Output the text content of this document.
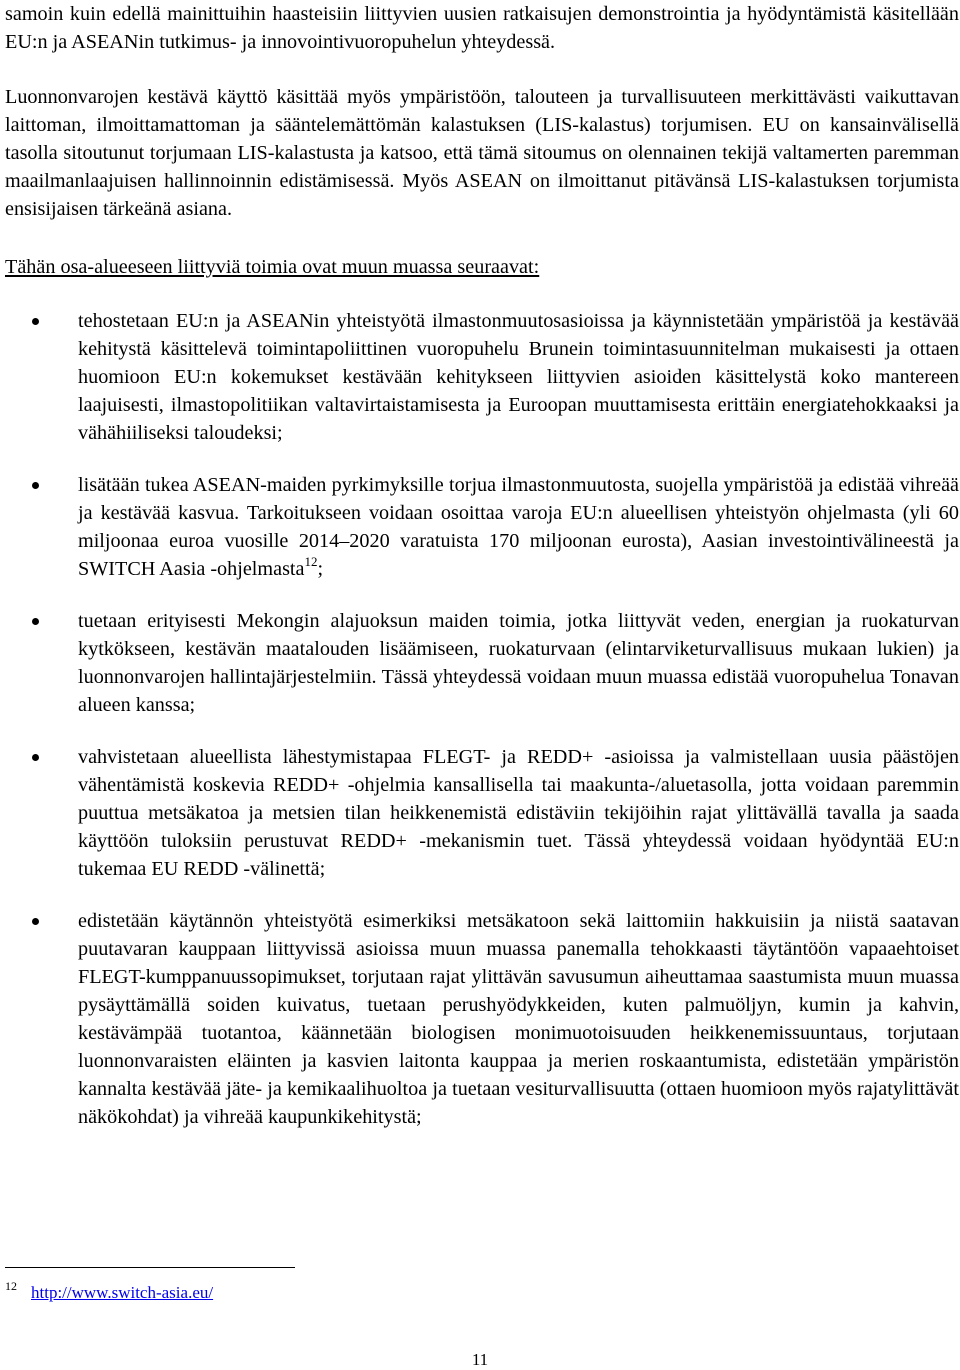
samoin kuin edellä mainittuihin haasteisiin liittyvien uusien ratkaisujen demonstrointia ja hyödyntämistä käsitellään EU:n ja ASEANin tutkimus- ja innovointivuoropuhelun yhteydessä.

Luonnonvarojen kestävä käyttö käsittää myös ympäristöön, talouteen ja turvallisuuteen merkittävästi vaikuttavan laittoman, ilmoittamattoman ja sääntelemättömän kalastuksen (LIS-kalastus) torjumisen. EU on kansainvälisellä tasolla sitoutunut torjumaan LIS-kalastusta ja katsoo, että tämä sitoumus on olennainen tekijä valtamerten paremman maailmanlaajuisen hallinnoinnin edistämisessä. Myös ASEAN on ilmoittanut pitävänsä LIS-kalastuksen torjumista ensisijaisen tärkeänä asiana.

Tähän osa-alueeseen liittyviä toimia ovat muun muassa seuraavat:

tehostetaan EU:n ja ASEANin yhteistyötä ilmastonmuutosasioissa ja käynnistetään ympäristöä ja kestävää kehitystä käsittelevä toimintapoliittinen vuoropuhelu Brunein toimintasuunnitelman mukaisesti ja ottaen huomioon EU:n kokemukset kestävään kehitykseen liittyvien asioiden käsittelystä koko mantereen laajuisesti, ilmastopolitiikan valtavirtaistamisesta ja Euroopan muuttamisesta erittäin energiatehokkaaksi ja vähähiiliseksi taloudeksi;
lisätään tukea ASEAN-maiden pyrkimyksille torjua ilmastonmuutosta, suojella ympäristöä ja edistää vihreää ja kestävää kasvua. Tarkoitukseen voidaan osoittaa varoja EU:n alueellisen yhteistyön ohjelmasta (yli 60 miljoonaa euroa vuosille 2014–2020 varatuista 170 miljoonan eurosta), Aasian investointivälineestä ja SWITCH Aasia -ohjelmasta$^{12}$;
tuetaan erityisesti Mekongin alajuoksun maiden toimia, jotka liittyvät veden, energian ja ruokaturvan kytkökseen, kestävän maatalouden lisäämiseen, ruokaturvaan (elintarviketurvallisuus mukaan lukien) ja luonnonvarojen hallintajärjestelmiin. Tässä yhteydessä voidaan muun muassa edistää vuoropuhelua Tonavan alueen kanssa;
vahvistetaan alueellista lähestymistapaa FLEGT- ja REDD+ -asioissa ja valmistellaan uusia päästöjen vähentämistä koskevia REDD+ -ohjelmia kansallisella tai maakunta-/aluetasolla, jotta voidaan paremmin puuttua metsäkatoa ja metsien tilan heikkenemistä edistäviin tekijöihin rajat ylittävällä tavalla ja saada käyttöön tuloksiin perustuvat REDD+ -mekanismin tuet. Tässä yhteydessä voidaan hyödyntää EU:n tukemaa EU REDD -välinettä;
edistetään käytännön yhteistyötä esimerkiksi metsäkatoon sekä laittomiin hakkuisiin ja niistä saatavan puutavaran kauppaan liittyvissä asioissa muun muassa panemalla tehokkaasti täytäntöön vapaaehtoiset FLEGT-kumppanuussopimukset, torjutaan rajat ylittävän savusumun aiheuttamaa saastumista muun muassa pysäyttämällä soiden kuivatus, tuetaan perushyödykkeiden, kuten palmuöljyn, kumin ja kahvin, kestävämpää tuotantoa, käännetään biologisen monimuotoisuuden heikkenemissuuntaus, torjutaan luonnonvaraisten eläinten ja kasvien laitonta kauppaa ja merien roskaantumista, edistetään ympäristön kannalta kestävää jäte- ja kemikaalihuoltoa ja tuetaan vesiturvallisuutta (ottaen huomioon myös rajatylittävät näkökohdat) ja vihreää kaupunkikehitystä;
$^{12}$ http://www.switch-asia.eu/
11
